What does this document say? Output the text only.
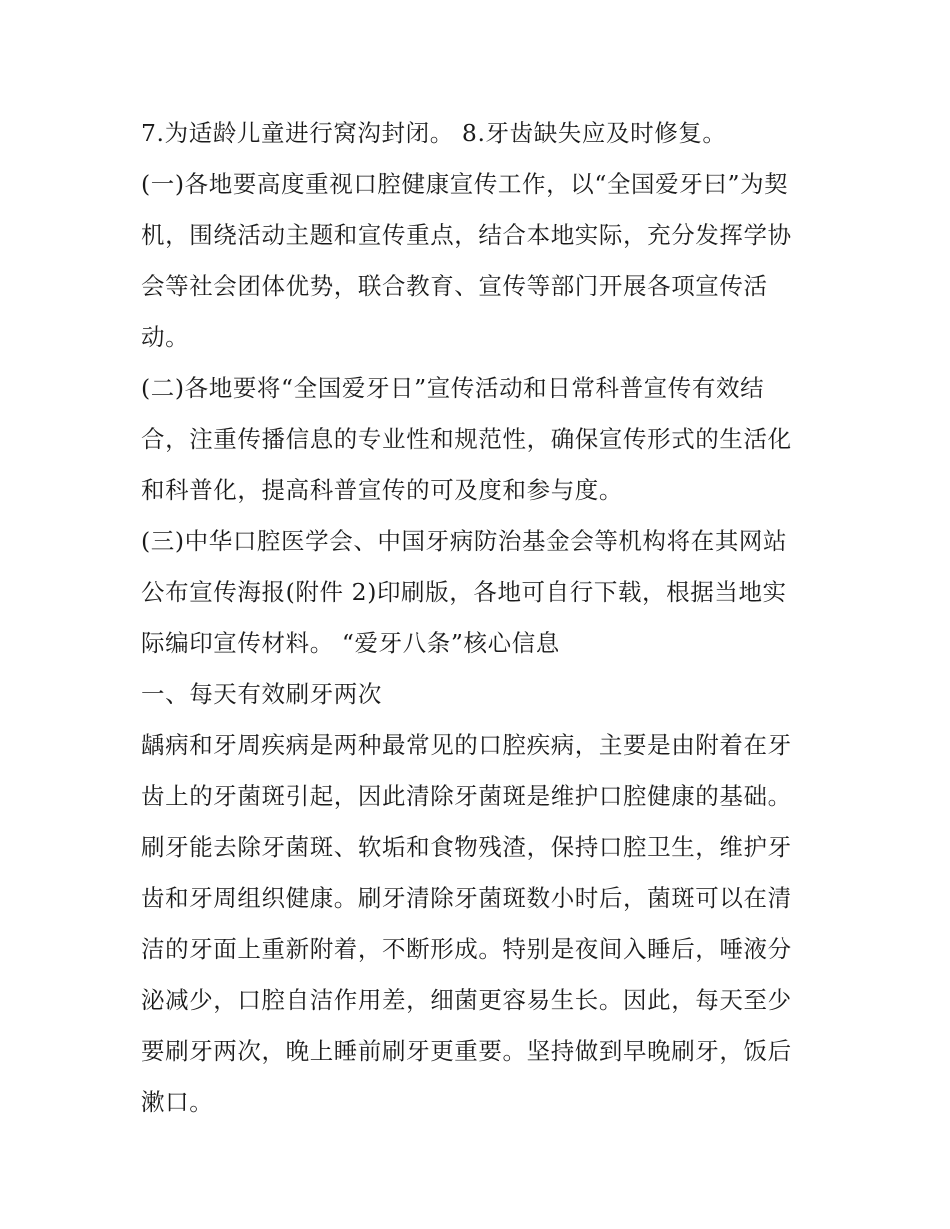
7.为适龄儿童进行窝沟封闭。 8.牙齿缺失应及时修复。
(一)各地要高度重视口腔健康宣传工作，以“全国爱牙曰”为契
机，围绕活动主题和宣传重点，结合本地实际，充分发挥学协
会等社会团体优势，联合教育、宣传等部门开展各项宣传活
动。
(二)各地要将“全国爱牙日”宣传活动和日常科普宣传有效结
合，注重传播信息的专业性和规范性，确保宣传形式的生活化
和科普化，提高科普宣传的可及度和参与度。
(三)中华口腔医学会、中国牙病防治基金会等机构将在其网站
公布宣传海报(附件 2)印刷版，各地可自行下载，根据当地实
际编印宣传材料。 “爱牙八条”核心信息
一、每天有效刷牙两次
龋病和牙周疾病是两种最常见的口腔疾病，主要是由附着在牙
齿上的牙菌斑引起，因此清除牙菌斑是维护口腔健康的基础。
刷牙能去除牙菌斑、软垢和食物残渣，保持口腔卫生，维护牙
齿和牙周组织健康。刷牙清除牙菌斑数小时后，菌斑可以在清
洁的牙面上重新附着，不断形成。特别是夜间入睡后，唾液分
泌减少，口腔自洁作用差，细菌更容易生长。因此，每天至少
要刷牙两次，晚上睡前刷牙更重要。坚持做到早晚刷牙，饭后
漱口。
